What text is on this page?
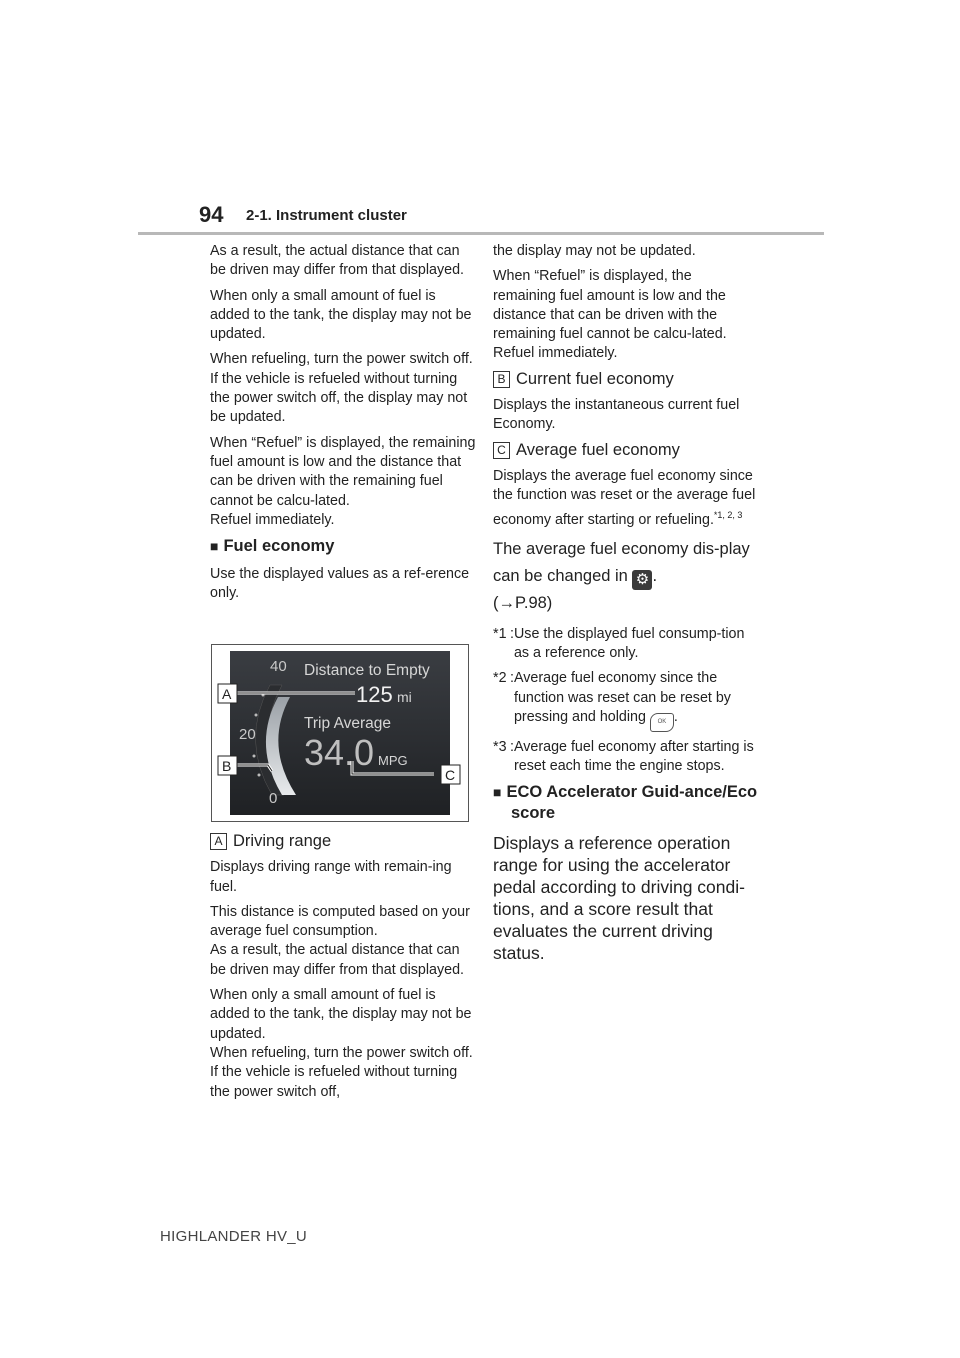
94 2-1. Instrument cluster

As a result, the actual distance that can be driven may differ from that displayed.

When only a small amount of fuel is added to the tank, the display may not be updated.

When refueling, turn the power switch off. If the vehicle is refueled without turning the power switch off, the display may not be updated.

When “Refuel” is displayed, the remaining fuel amount is low and the distance that can be driven with the remaining fuel cannot be calcu-lated.

Refuel immediately.

■ Fuel economy

Use the displayed values as a ref-erence only.

40
20
0
Distance to Empty
125 mi
Trip Average
34.0 MPG
A
B
C
A Driving range

Displays driving range with remain-ing fuel.

This distance is computed based on your average fuel consumption.

As a result, the actual distance that can be driven may differ from that displayed.

When only a small amount of fuel is added to the tank, the display may not be updated.

When refueling, turn the power switch off. If the vehicle is refueled without turning the power switch off,

the display may not be updated.

When “Refuel” is displayed, the remaining fuel amount is low and the distance that can be driven with the remaining fuel cannot be calcu-lated.

Refuel immediately.

B Current fuel economy

Displays the instantaneous current fuel Economy.

C Average fuel economy

Displays the average fuel economy since the function was reset or the average fuel economy after starting or refueling.$^{*1, 2, 3}$

The average fuel economy dis-play can be changed in ⚙ .
(→P.98)
*1 : Use the displayed fuel consump-tion as a reference only.
*2 : Average fuel economy since the function was reset can be reset by pressing and holding OK .
*3 : Average fuel economy after starting is reset each time the engine stops.
■ ECO Accelerator Guid-ance/Eco score
Displays a reference operation range for using the accelerator pedal according to driving condi-tions, and a score result that evaluates the current driving status.
HIGHLANDER HV_U
